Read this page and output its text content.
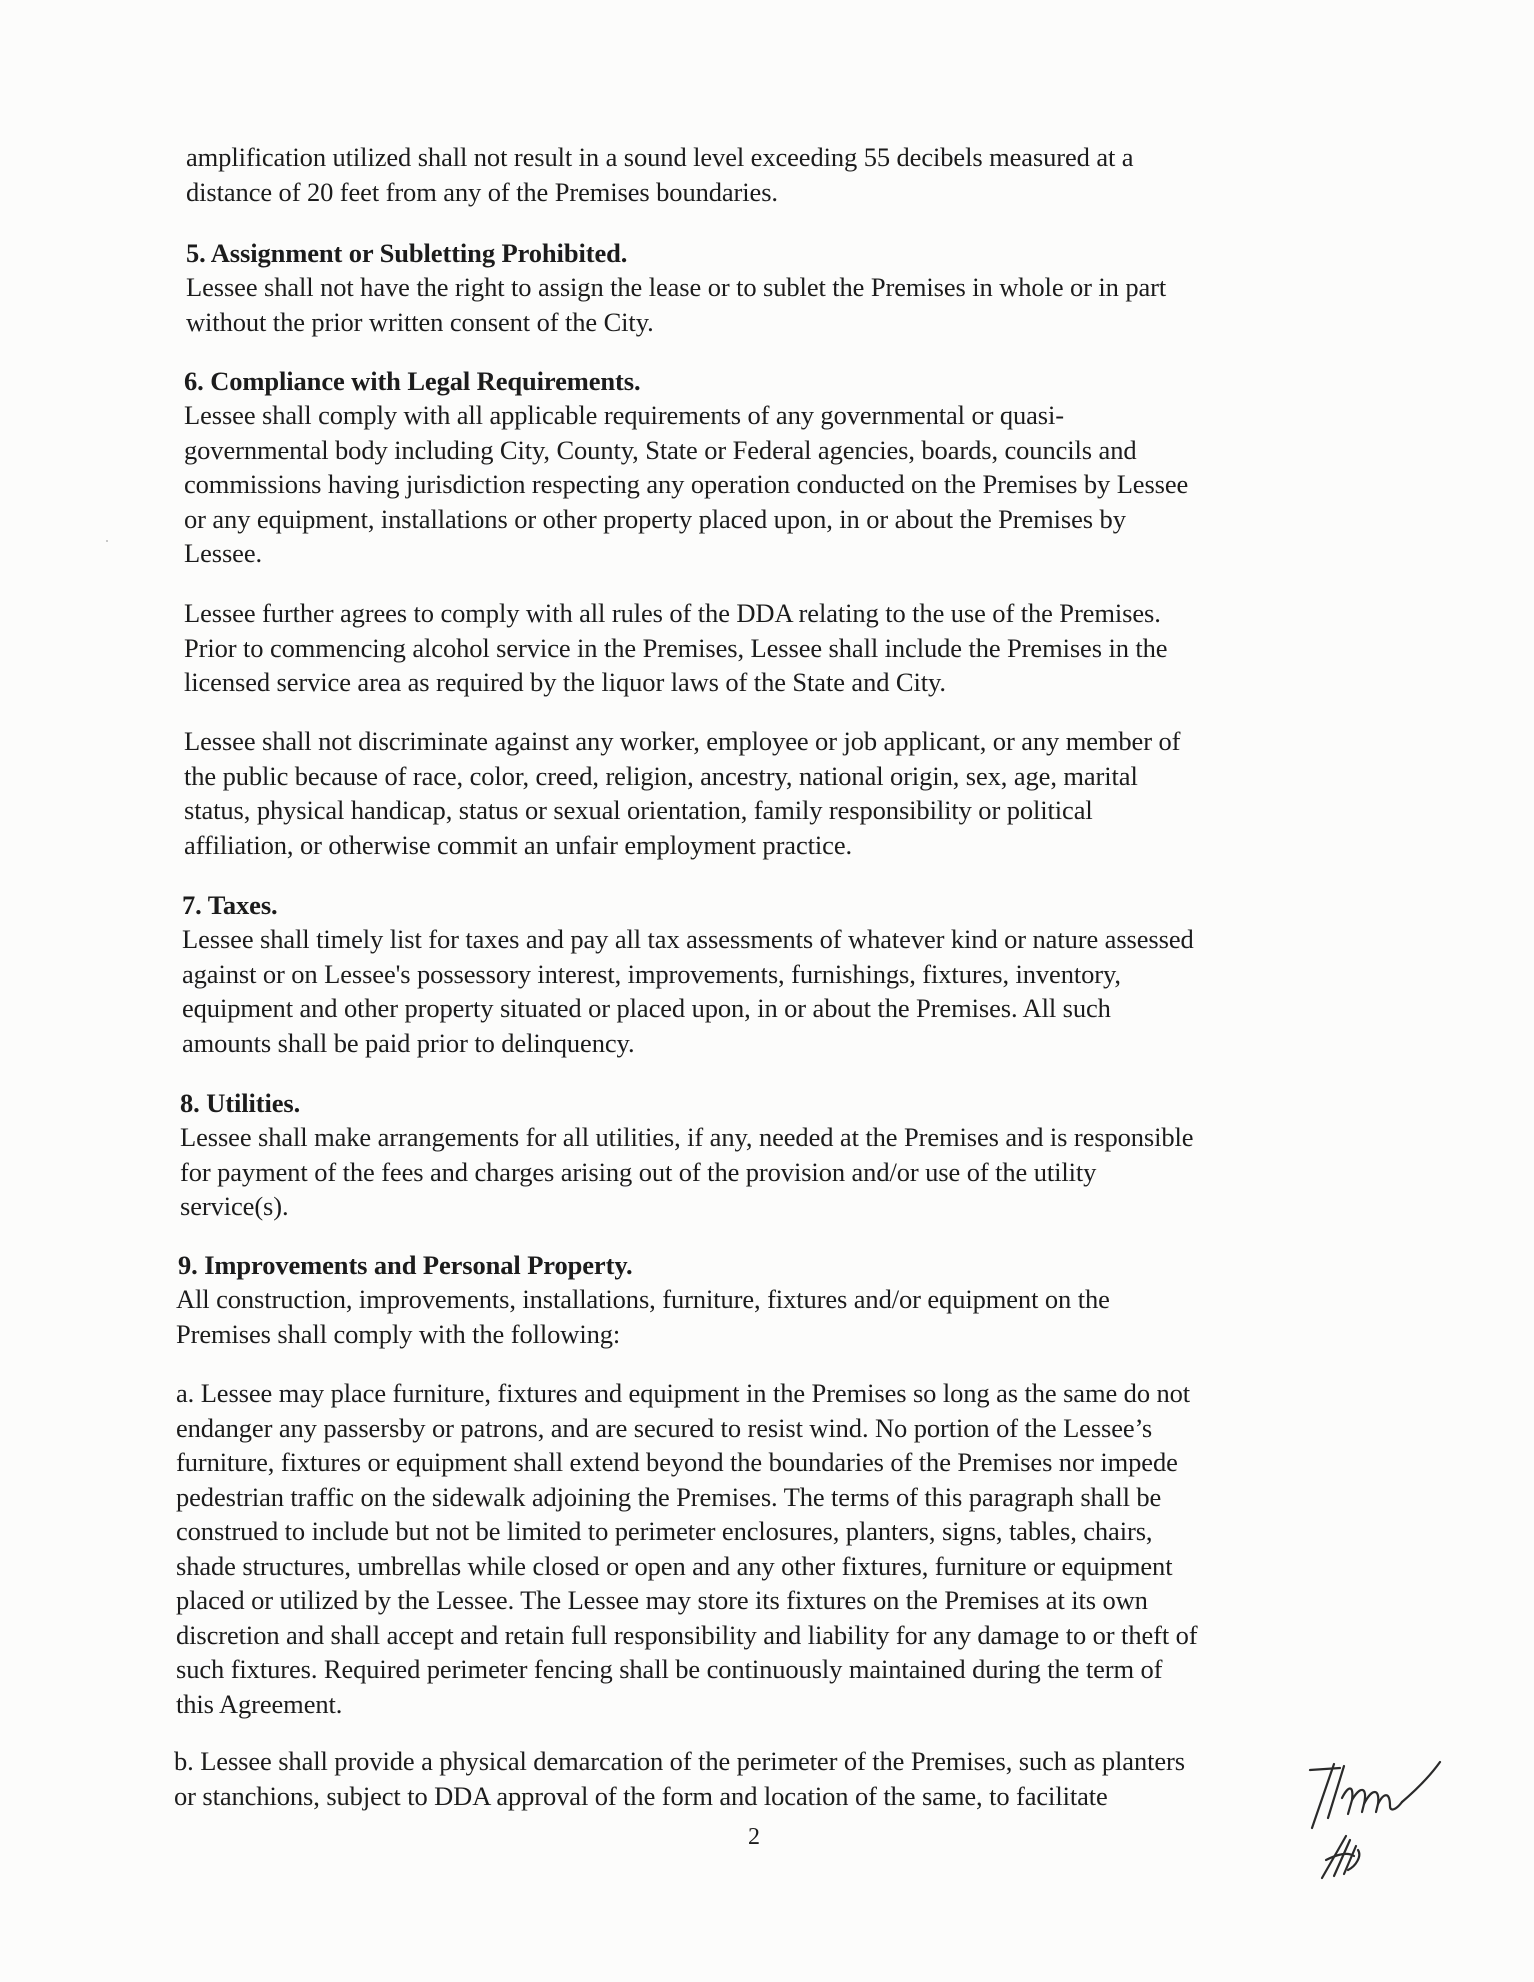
amplification utilized shall not result in a sound level exceeding 55 decibels measured at a
distance of 20 feet from any of the Premises boundaries.
5. Assignment or Subletting Prohibited.
Lessee shall not have the right to assign the lease or to sublet the Premises in whole or in part
without the prior written consent of the City.
6. Compliance with Legal Requirements.
Lessee shall comply with all applicable requirements of any governmental or quasi-
governmental body including City, County, State or Federal agencies, boards, councils and
commissions having jurisdiction respecting any operation conducted on the Premises by Lessee
or any equipment, installations or other property placed upon, in or about the Premises by
Lessee.
Lessee further agrees to comply with all rules of the DDA relating to the use of the Premises.
Prior to commencing alcohol service in the Premises, Lessee shall include the Premises in the
licensed service area as required by the liquor laws of the State and City.
Lessee shall not discriminate against any worker, employee or job applicant, or any member of
the public because of race, color, creed, religion, ancestry, national origin, sex, age, marital
status, physical handicap, status or sexual orientation, family responsibility or political
affiliation, or otherwise commit an unfair employment practice.
7. Taxes.
Lessee shall timely list for taxes and pay all tax assessments of whatever kind or nature assessed
against or on Lessee's possessory interest, improvements, furnishings, fixtures, inventory,
equipment and other property situated or placed upon, in or about the Premises. All such
amounts shall be paid prior to delinquency.
8. Utilities.
Lessee shall make arrangements for all utilities, if any, needed at the Premises and is responsible
for payment of the fees and charges arising out of the provision and/or use of the utility
service(s).
9. Improvements and Personal Property.
All construction, improvements, installations, furniture, fixtures and/or equipment on the
Premises shall comply with the following:
a. Lessee may place furniture, fixtures and equipment in the Premises so long as the same do not
endanger any passersby or patrons, and are secured to resist wind. No portion of the Lessee’s
furniture, fixtures or equipment shall extend beyond the boundaries of the Premises nor impede
pedestrian traffic on the sidewalk adjoining the Premises. The terms of this paragraph shall be
construed to include but not be limited to perimeter enclosures, planters, signs, tables, chairs,
shade structures, umbrellas while closed or open and any other fixtures, furniture or equipment
placed or utilized by the Lessee. The Lessee may store its fixtures on the Premises at its own
discretion and shall accept and retain full responsibility and liability for any damage to or theft of
such fixtures. Required perimeter fencing shall be continuously maintained during the term of
this Agreement.
b. Lessee shall provide a physical demarcation of the perimeter of the Premises, such as planters
or stanchions, subject to DDA approval of the form and location of the same, to facilitate
2
